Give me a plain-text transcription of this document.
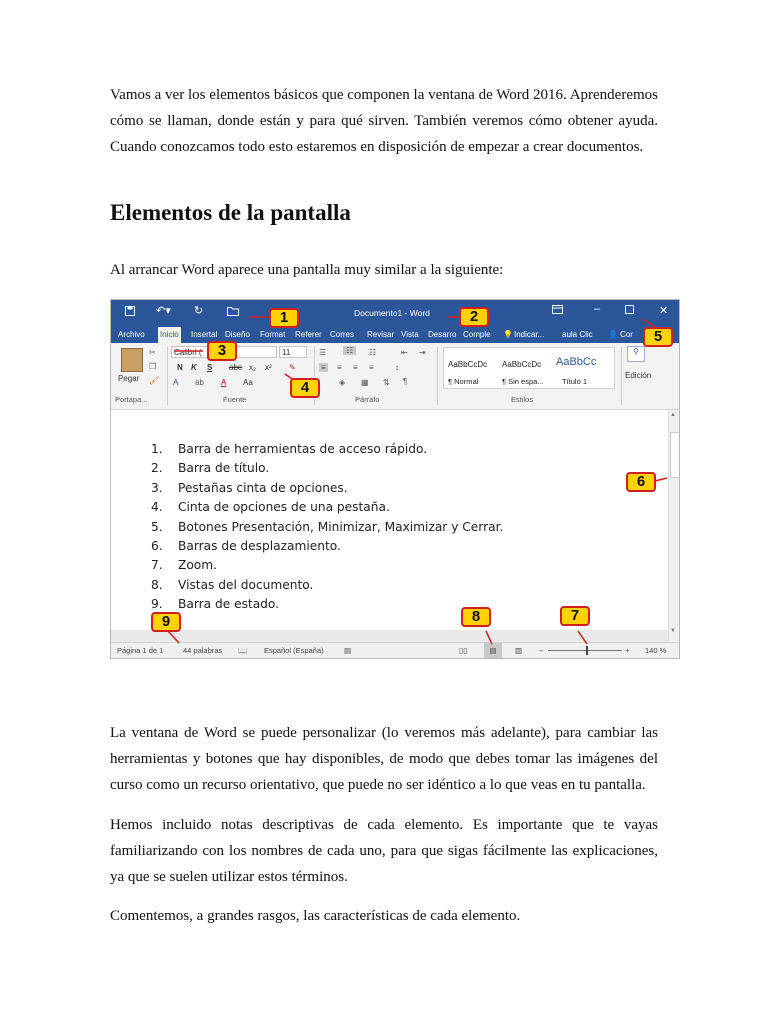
Vamos a ver los elementos básicos que componen la ventana de Word 2016. Aprenderemos cómo se llaman, donde están y para qué sirven. También veremos cómo obtener ayuda. Cuando conozcamos todo esto estaremos en disposición de empezar a crear documentos.

Elementos de la pantalla

Al arrancar Word aparece una pantalla muy similar a la siguiente:

↶▾ ↻	Documento1 - Word	–	✕
Archivo Inicio Insertal Diseño Format Referer Corres Revisar Vista Desarro Comple 💡 Indicar... aula Clic 👤 Cor
Pegar
✂
❐
🖌
Portapa...
Calibri (	11
N K S abc x₂ x² ✎
A ab A Aa
Fuente
☰	☷	☷	⇤ ⇥
≡ ≡ ≡ ≡	↕
◈ ▦ ⇅ ¶
Párrafo
AaBbCcDc
¶ Normal
AaBbCcDc
¶ Sin espa...
AaBbCc
Título 1
Estilos
⚲
Edición
1. Barra de herramientas de acceso rápido.
2. Barra de título.
3. Pestañas cinta de opciones.
4. Cinta de opciones de una pestaña.
5. Botones Presentación, Minimizar, Maximizar y Cerrar.
6. Barras de desplazamiento.
7. Zoom.
8. Vistas del documento.
9. Barra de estado.
▲
▼
Página 1 de 1	44 palabras 📖 Español (España)	▤	▯▯	▤	▥ −	+ 140 %
1	2
3
4
5
6
7
8
9

La ventana de Word se puede personalizar (lo veremos más adelante), para cambiar las herramientas y botones que hay disponibles, de modo que debes tomar las imágenes del curso como un recurso orientativo, que puede no ser idéntico a lo que veas en tu pantalla.

Hemos incluido notas descriptivas de cada elemento. Es importante que te vayas familiarizando con los nombres de cada uno, para que sigas fácilmente las explicaciones, ya que se suelen utilizar estos términos.

Comentemos, a grandes rasgos, las características de cada elemento.
